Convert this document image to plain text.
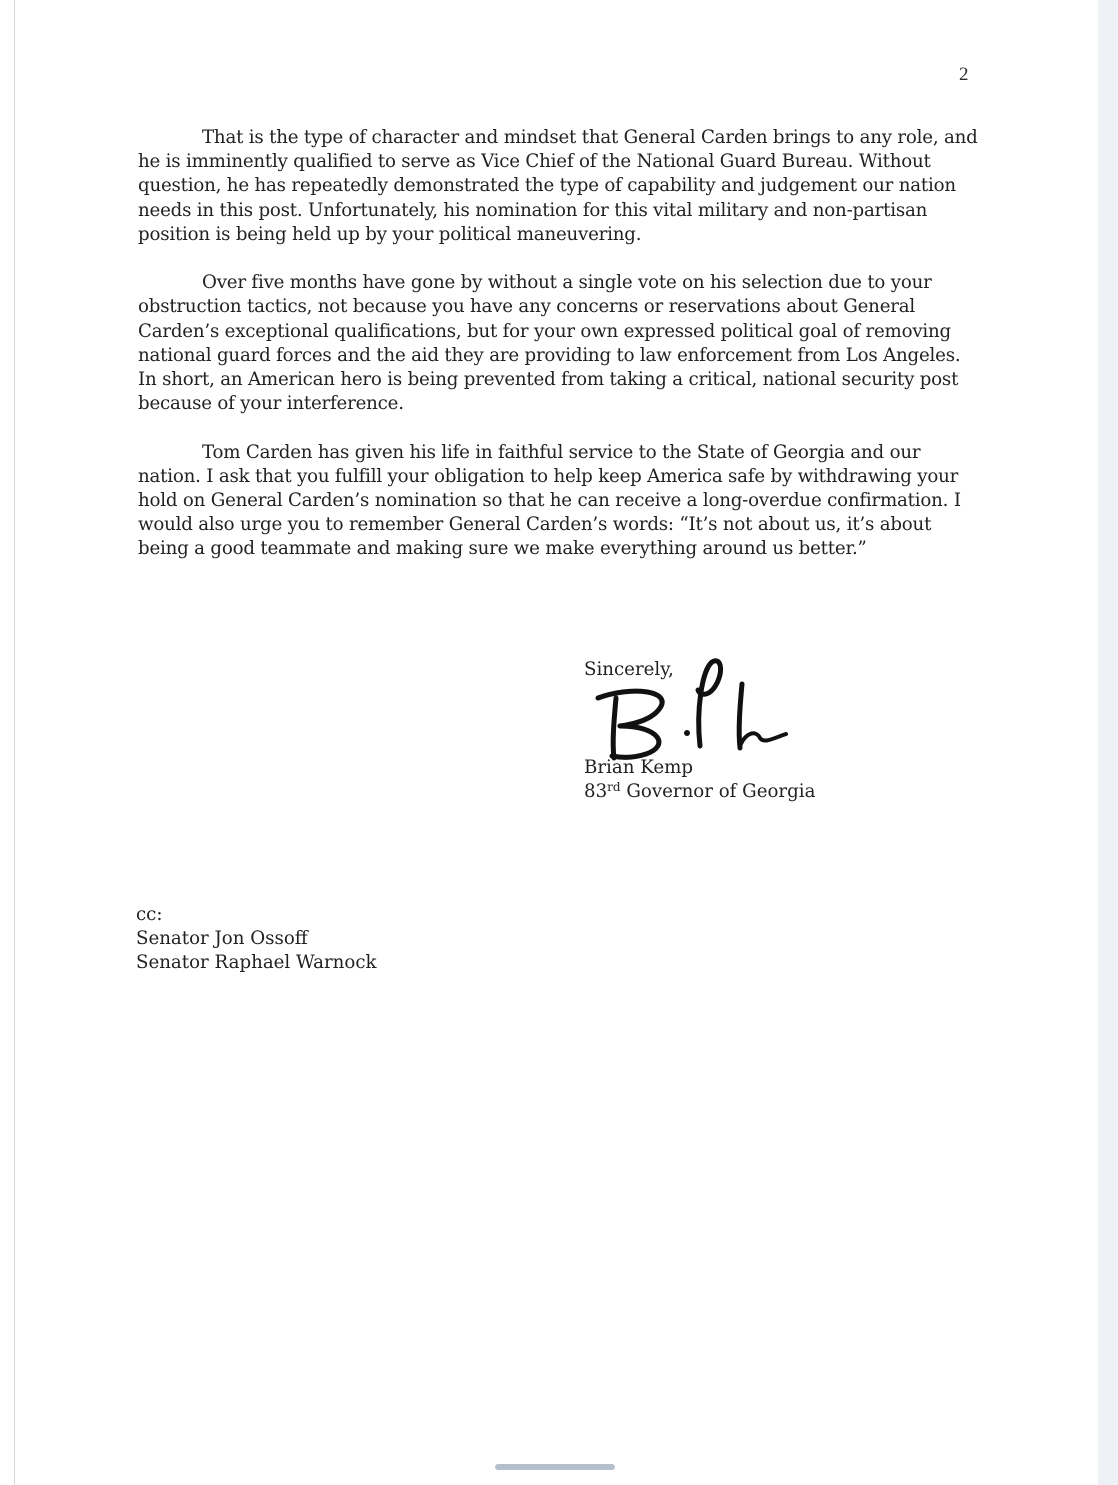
2

That is the type of character and mindset that General Carden brings to any role, and he is imminently qualified to serve as Vice Chief of the National Guard Bureau. Without question, he has repeatedly demonstrated the type of capability and judgement our nation needs in this post. Unfortunately, his nomination for this vital military and non-partisan position is being held up by your political maneuvering.

Over five months have gone by without a single vote on his selection due to your obstruction tactics, not because you have any concerns or reservations about General Carden’s exceptional qualifications, but for your own expressed political goal of removing national guard forces and the aid they are providing to law enforcement from Los Angeles. In short, an American hero is being prevented from taking a critical, national security post because of your interference.

Tom Carden has given his life in faithful service to the State of Georgia and our nation. I ask that you fulfill your obligation to help keep America safe by withdrawing your hold on General Carden’s nomination so that he can receive a long-overdue confirmation. I would also urge you to remember General Carden’s words: “It’s not about us, it’s about being a good teammate and making sure we make everything around us better.”

Sincerely,
Brian Kemp
83rd Governor of Georgia
cc:
Senator Jon Ossoff
Senator Raphael Warnock
